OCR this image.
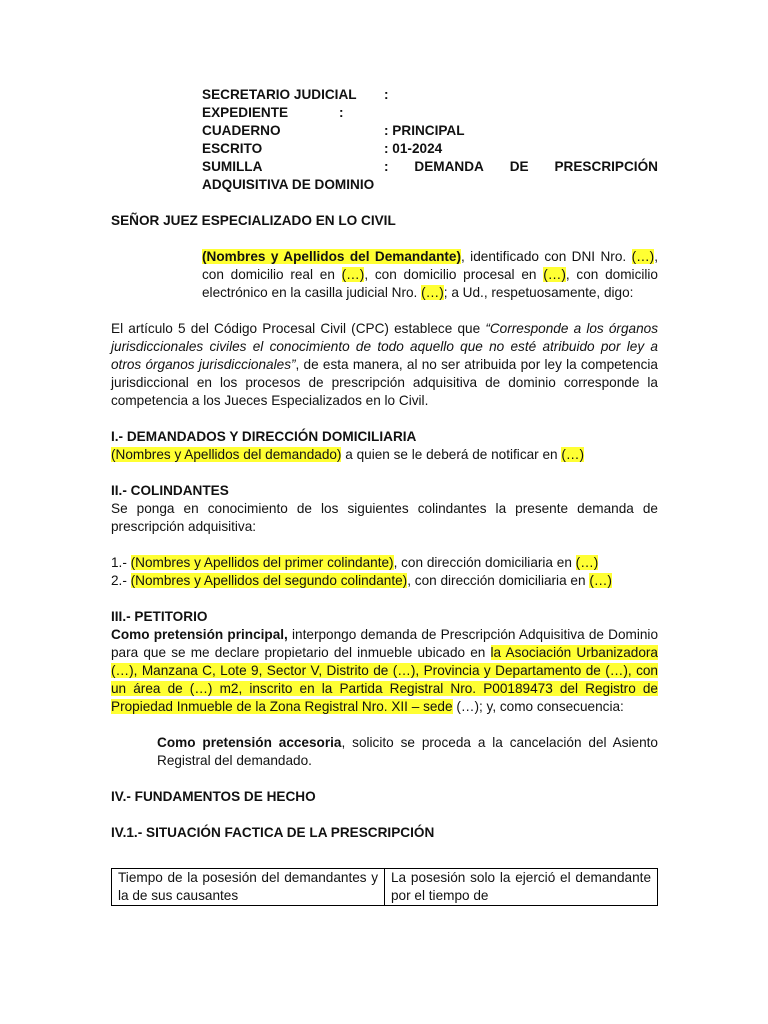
SECRETARIO JUDICIAL	:
EXPEDIENTE	:
CUADERNO	: PRINCIPAL
ESCRITO	: 01-2024
SUMILLA	: DEMANDA DE PRESCRIPCIÓN
ADQUISITIVA DE DOMINIO
SEÑOR JUEZ ESPECIALIZADO EN LO CIVIL
(Nombres y Apellidos del Demandante), identificado con DNI Nro. (…), con domicilio real en (…), con domicilio procesal en (…), con domicilio electrónico en la casilla judicial Nro. (…); a Ud., respetuosamente, digo:
El artículo 5 del Código Procesal Civil (CPC) establece que “Corresponde a los órganos jurisdiccionales civiles el conocimiento de todo aquello que no esté atribuido por ley a otros órganos jurisdiccionales”, de esta manera, al no ser atribuida por ley la competencia jurisdiccional en los procesos de prescripción adquisitiva de dominio corresponde la competencia a los Jueces Especializados en lo Civil.
I.- DEMANDADOS Y DIRECCIÓN DOMICILIARIA
(Nombres y Apellidos del demandado) a quien se le deberá de notificar en (…)
II.- COLINDANTES
Se ponga en conocimiento de los siguientes colindantes la presente demanda de prescripción adquisitiva:
1.- (Nombres y Apellidos del primer colindante), con dirección domiciliaria en (…)
2.- (Nombres y Apellidos del segundo colindante), con dirección domiciliaria en (…)
III.- PETITORIO
Como pretensión principal, interpongo demanda de Prescripción Adquisitiva de Dominio para que se me declare propietario del inmueble ubicado en la Asociación Urbanizadora (…), Manzana C, Lote 9, Sector V, Distrito de (…), Provincia y Departamento de (…), con un área de (…) m2, inscrito en la Partida Registral Nro. P00189473 del Registro de Propiedad Inmueble de la Zona Registral Nro. XII – sede (…); y, como consecuencia:
Como pretensión accesoria, solicito se proceda a la cancelación del Asiento Registral del demandado.
IV.- FUNDAMENTOS DE HECHO
IV.1.- SITUACIÓN FACTICA DE LA PRESCRIPCIÓN
Tiempo de la posesión del demandantes y la de sus causantes	La posesión solo la ejerció el demandante por el tiempo de
